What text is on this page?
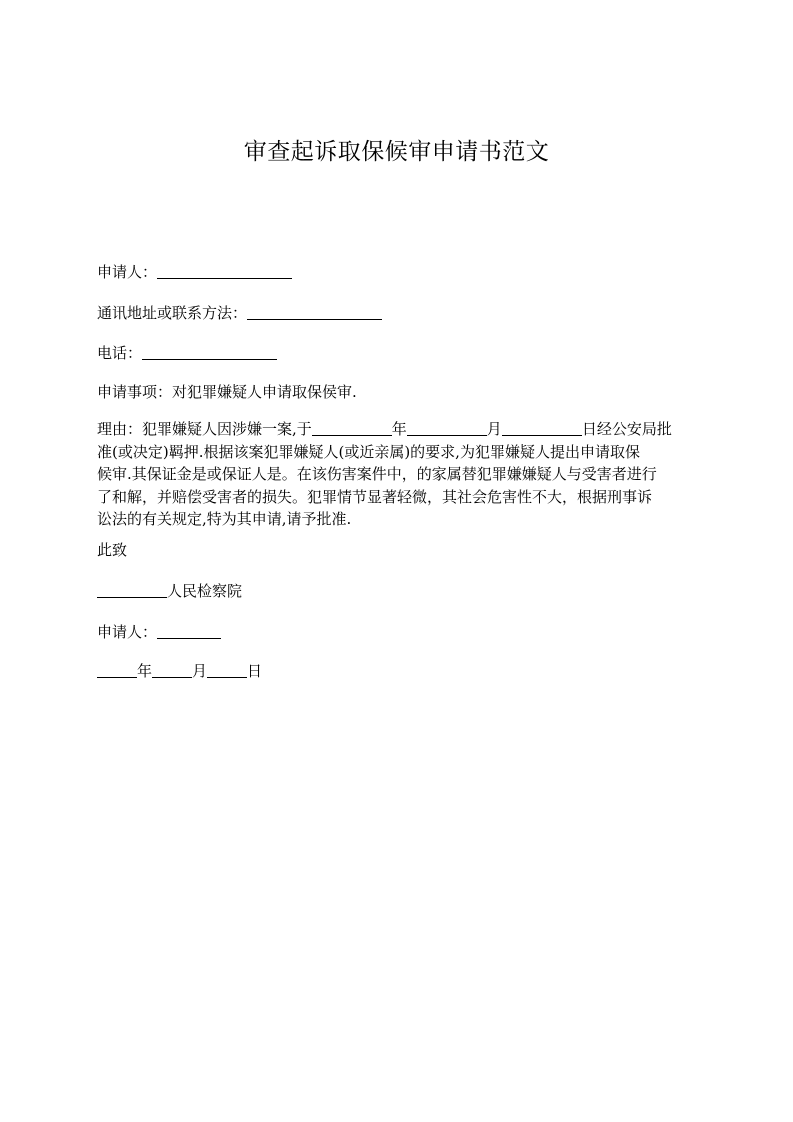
审查起诉取保候审申请书范文
申请人：
通讯地址或联系方法：
电话：
申请事项：对犯罪嫌疑人申请取保侯审.
理由：犯罪嫌疑人因涉嫌一案,于	年	月	日经公安局批
准(或决定)羁押.根据该案犯罪嫌疑人(或近亲属)的要求,为犯罪嫌疑人提出申请取保
候审.其保证金是或保证人是。在该伤害案件中，的家属替犯罪嫌嫌疑人与受害者进行
了和解，并赔偿受害者的损失。犯罪情节显著轻微，其社会危害性不大，根据刑事诉
讼法的有关规定,特为其申请,请予批准.
此致
人民检察院
申请人：
年	月	日
